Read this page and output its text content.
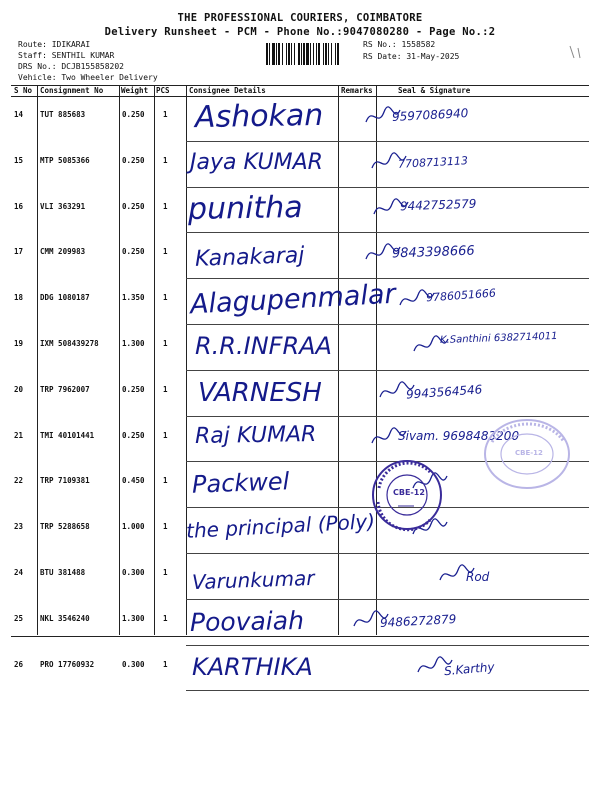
THE PROFESSIONAL COURIERS, COIMBATORE
Delivery Runsheet - PCM - Phone No.:9047080280 - Page No.:2
Route: IDIKARAI
Staff: SENTHIL KUMAR
DRS No.: DCJB155858202
Vehicle: Two Wheeler Delivery
RS No.: 1558582
RS Date: 31-May-2025
S No Consignment No Weight PCS	Consignee Details	Remarks	Seal & Signature
14 TUT 885683	0.250 1 Ashokan	9597086940
15 MTP 5085366	0.250 1 Jaya KUMAR	7708713113
16 VLI 363291	0.250 1 punitha	9442752579
17 CMM 209983	0.250 1 Kanakaraj	9843398666
18 DDG 1080187	1.350 1 Alagupenmalar	9786051666
19 IXM 508439278	1.300 1 R.R.INFRAA	K.Santhini 6382714011
20 TRP 7962007	0.250 1 VARNESH	9943564546
21 TMI 40101441	0.250 1 Raj KUMAR	Sivam. 9698483200
22 TRP 7109381	0.450 1 Packwel
23 TRP 5288658	1.000 1 the principal (Poly)
24 BTU 381488	0.300 1 Varunkumar	Rod
25 NKL 3546240	1.300 1 Poovaiah	9486272879
26 PRO 17760932	0.300 1 KARTHIKA	S.Karthy
CBE-12
CBE-12
